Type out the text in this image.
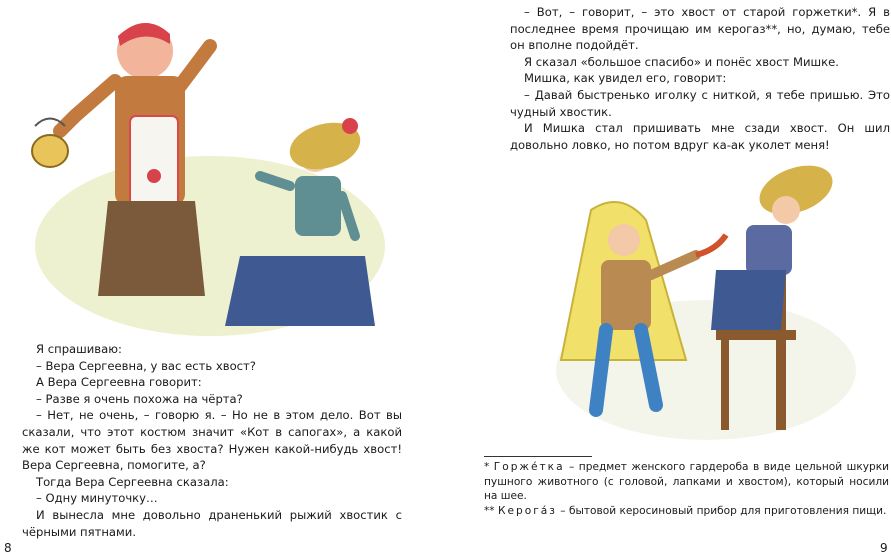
Я спрашиваю:

– Вера Сергеевна, у вас есть хвост?

А Вера Сергеевна говорит:

– Разве я очень похожа на чёрта?

– Нет, не очень, – говорю я. – Но не в этом дело. Вот вы сказали, что этот костюм значит «Кот в сапогах», а какой же кот может быть без хвоста? Нужен какой-нибудь хвост! Вера Сергеевна, помогите, а?

Тогда Вера Сергеевна сказала:

– Одну минуточку…

И вынесла мне довольно драненький рыжий хвостик с чёрными пятнами.

8

– Вот, – говорит, – это хвост от старой горжетки*. Я в последнее время прочищаю им керогаз**, но, думаю, тебе он вполне подойдёт.

Я сказал «большое спасибо» и понёс хвост Мишке.

Мишка, как увидел его, говорит:

– Давай быстренько иголку с ниткой, я тебе пришью. Это чудный хвостик.

И Мишка стал пришивать мне сзади хвост. Он шил довольно ловко, но потом вдруг ка-ак уколет меня!

9

* Горже́тка – предмет женского гардероба в виде цельной шкурки пушного животного (с головой, лапками и хвостом), который носили на шее.

** Керога́з – бытовой керосиновый прибор для приготовления пищи.
